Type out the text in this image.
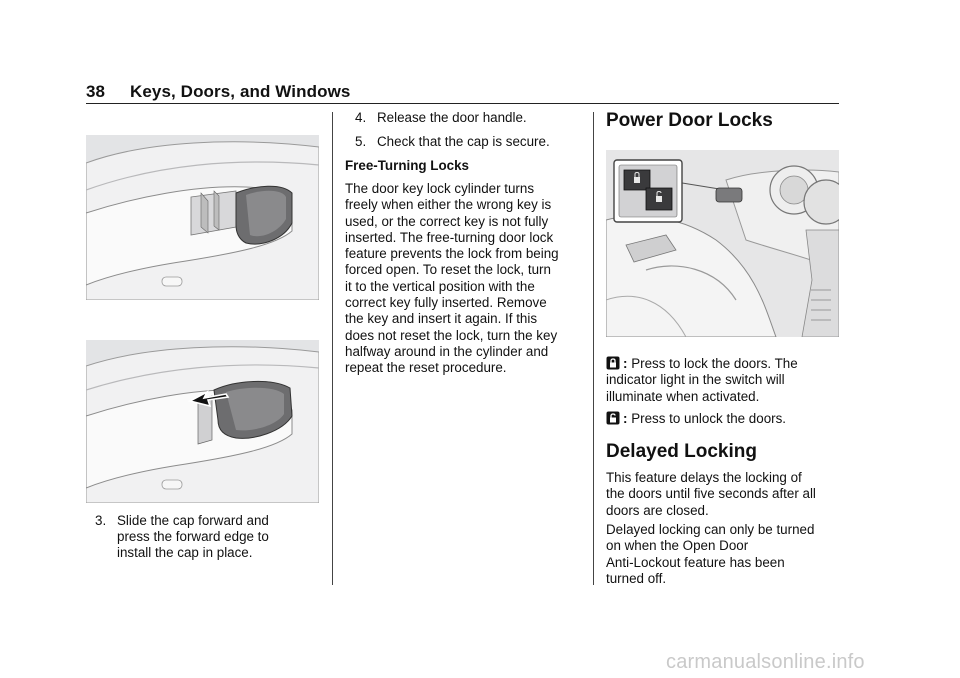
38 Keys, Doors, and Windows
3. Slide the cap forward and
press the forward edge to
install the cap in place.
4. Release the door handle.
5. Check that the cap is secure.
Free-Turning Locks
The door key lock cylinder turns
freely when either the wrong key is
used, or the correct key is not fully
inserted. The free-turning door lock
feature prevents the lock from being
forced open. To reset the lock, turn
it to the vertical position with the
correct key fully inserted. Remove
the key and insert it again. If this
does not reset the lock, turn the key
halfway around in the cylinder and
repeat the reset procedure.
Power Door Locks
: Press to lock the doors. The
indicator light in the switch will
illuminate when activated.
: Press to unlock the doors.
Delayed Locking
This feature delays the locking of
the doors until five seconds after all
doors are closed.
Delayed locking can only be turned
on when the Open Door
Anti-Lockout feature has been
turned off.
carmanualsonline.info
